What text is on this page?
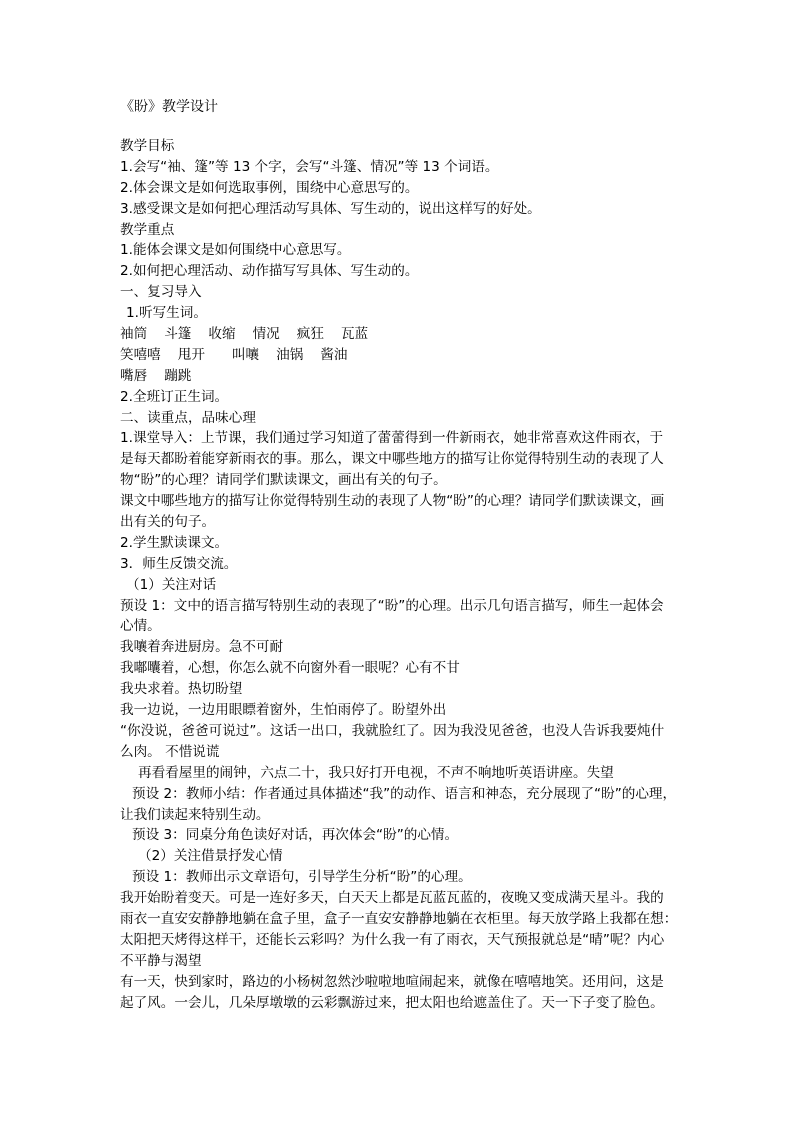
《盼》教学设计
教学目标
1.会写“袖、篷”等 13 个字，会写“斗篷、情况”等 13 个词语。
2.体会课文是如何选取事例，围绕中心意思写的。
3.感受课文是如何把心理活动写具体、写生动的，说出这样写的好处。
教学重点
1.能体会课文是如何围绕中心意思写。
2.如何把心理活动、动作描写写具体、写生动的。
一、复习导入
1.听写生词。
袖筒 斗篷 收缩 情况 疯狂 瓦蓝
笑嘻嘻 甩开 叫嚷 油锅 酱油
嘴唇 蹦跳
2.全班订正生词。
二、读重点，品味心理
1.课堂导入：上节课，我们通过学习知道了蕾蕾得到一件新雨衣，她非常喜欢这件雨衣，于
是每天都盼着能穿新雨衣的事。那么，课文中哪些地方的描写让你觉得特别生动的表现了人
物“盼”的心理？请同学们默读课文，画出有关的句子。
课文中哪些地方的描写让你觉得特别生动的表现了人物“盼”的心理？请同学们默读课文，画
出有关的句子。
2.学生默读课文。
3．师生反馈交流。
（1）关注对话
预设 1：文中的语言描写特别生动的表现了“盼”的心理。出示几句语言描写，师生一起体会
心情。
我嚷着奔进厨房。急不可耐
我嘟囔着，心想，你怎么就不向窗外看一眼呢？心有不甘
我央求着。热切盼望
我一边说，一边用眼瞟着窗外，生怕雨停了。盼望外出
“你没说，爸爸可说过”。这话一出口，我就脸红了。因为我没见爸爸，也没人告诉我要炖什
么肉。 不惜说谎
再看看屋里的闹钟，六点二十，我只好打开电视，不声不响地听英语讲座。失望
预设 2：教师小结：作者通过具体描述“我”的动作、语言和神态，充分展现了“盼”的心理，
让我们读起来特别生动。
预设 3：同桌分角色读好对话，再次体会“盼”的心情。
（2）关注借景抒发心情
预设 1：教师出示文章语句，引导学生分析“盼”的心理。
我开始盼着变天。可是一连好多天，白天天上都是瓦蓝瓦蓝的，夜晚又变成满天星斗。我的
雨衣一直安安静静地躺在盒子里，盒子一直安安静静地躺在衣柜里。每天放学路上我都在想：
太阳把天烤得这样干，还能长云彩吗？为什么我一有了雨衣，天气预报就总是“晴”呢？内心
不平静与渴望
有一天，快到家时，路边的小杨树忽然沙啦啦地喧闹起来，就像在嘻嘻地笑。还用问，这是
起了风。一会儿，几朵厚墩墩的云彩飘游过来，把太阳也给遮盖住了。天一下子变了脸色。
